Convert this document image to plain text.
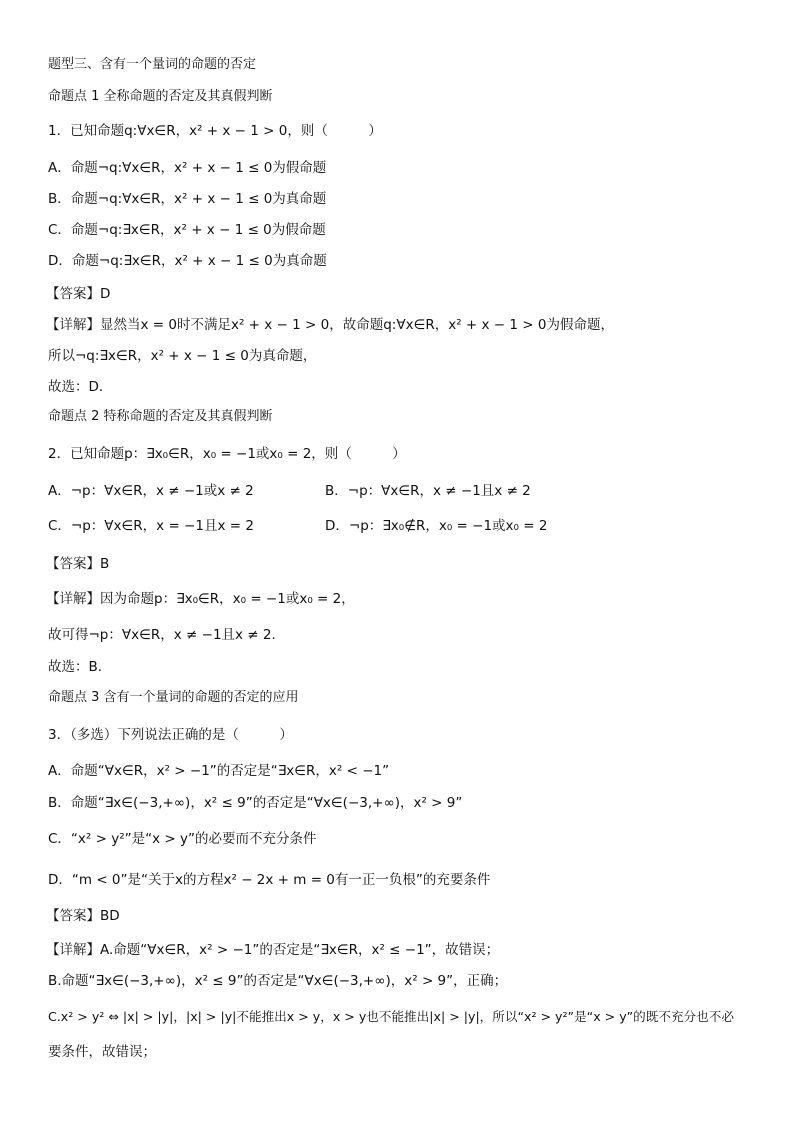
题型三、含有一个量词的命题的否定
命题点 1 全称命题的否定及其真假判断
1．已知命题q:∀x∈R，x² + x − 1 > 0，则（　　　）
A．命题¬q:∀x∈R，x² + x − 1 ≤ 0为假命题
B．命题¬q:∀x∈R，x² + x − 1 ≤ 0为真命题
C．命题¬q:∃x∈R，x² + x − 1 ≤ 0为假命题
D．命题¬q:∃x∈R，x² + x − 1 ≤ 0为真命题
【答案】D
【详解】显然当x = 0时不满足x² + x − 1 > 0，故命题q:∀x∈R，x² + x − 1 > 0为假命题，
所以¬q:∃x∈R，x² + x − 1 ≤ 0为真命题，
故选：D．
命题点 2 特称命题的否定及其真假判断
2．已知命题p：∃x₀∈R，x₀ = −1或x₀ = 2，则（　　　）
A．¬p：∀x∈R，x ≠ −1或x ≠ 2	B．¬p：∀x∈R，x ≠ −1且x ≠ 2
C．¬p：∀x∈R，x = −1且x = 2	D．¬p：∃x₀∉R，x₀ = −1或x₀ = 2
【答案】B
【详解】因为命题p：∃x₀∈R，x₀ = −1或x₀ = 2，
故可得¬p：∀x∈R，x ≠ −1且x ≠ 2.
故选：B.
命题点 3 含有一个量词的命题的否定的应用
3．（多选）下列说法正确的是（　　　）
A．命题“∀x∈R，x² > −1”的否定是“∃x∈R，x² < −1”
B．命题“∃x∈(−3,+∞)，x² ≤ 9”的否定是“∀x∈(−3,+∞)，x² > 9”
C．“x² > y²”是“x > y”的必要而不充分条件
D．“m < 0”是“关于x的方程x² − 2x + m = 0有一正一负根”的充要条件
【答案】BD
【详解】A.命题“∀x∈R，x² > −1”的否定是“∃x∈R，x² ≤ −1”，故错误；
B.命题“∃x∈(−3,+∞)，x² ≤ 9”的否定是“∀x∈(−3,+∞)，x² > 9”，正确；
C.x² > y² ⇔ |x| > |y|，|x| > |y|不能推出x > y，x > y也不能推出|x| > |y|，所以“x² > y²”是“x > y”的既不充分也不必
要条件，故错误；
